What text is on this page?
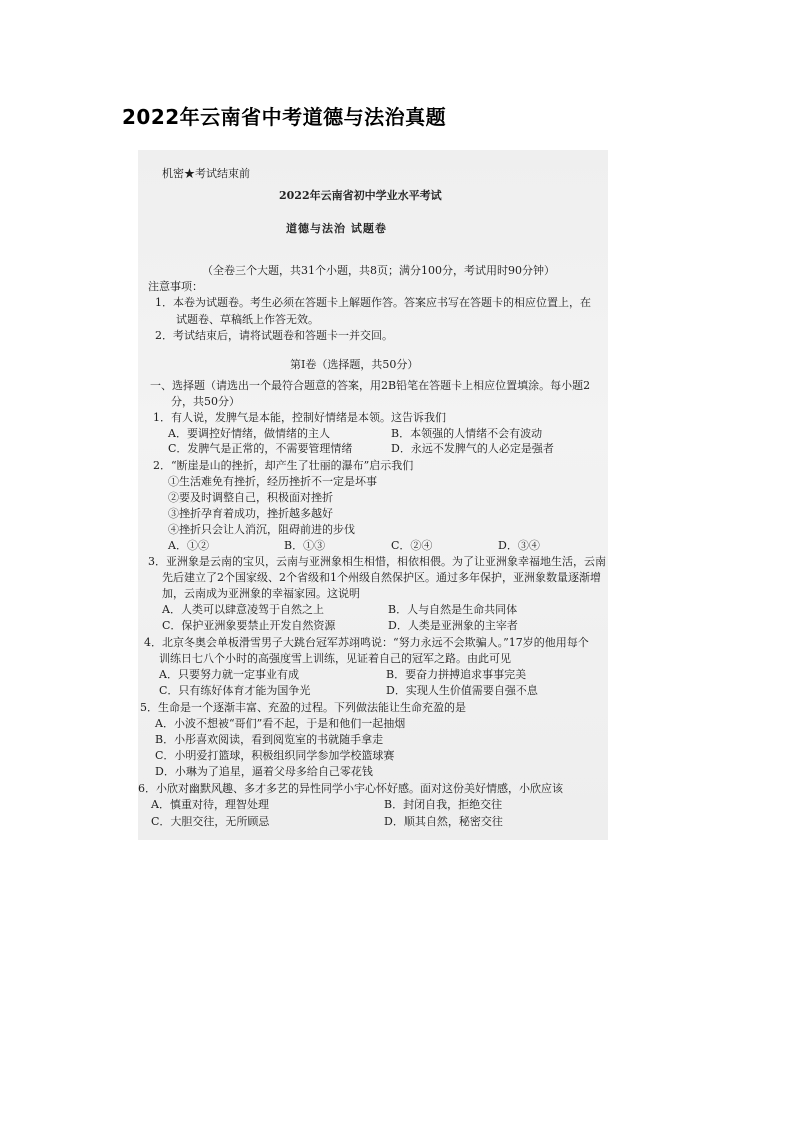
2022年云南省中考道德与法治真题
机密★考试结束前
2022年云南省初中学业水平考试
道德与法治 试题卷
（全卷三个大题，共31个小题，共8页；满分100分，考试用时90分钟）
注意事项：
1．本卷为试题卷。考生必须在答题卡上解题作答。答案应书写在答题卡的相应位置上，在
试题卷、草稿纸上作答无效。
2．考试结束后，请将试题卷和答题卡一并交回。
第Ⅰ卷（选择题，共50分）
一、选择题（请选出一个最符合题意的答案，用2B铅笔在答题卡上相应位置填涂。每小题2
分，共50分）
1．有人说，发脾气是本能，控制好情绪是本领。这告诉我们
A．要调控好情绪，做情绪的主人	B．本领强的人情绪不会有波动
C．发脾气是正常的，不需要管理情绪	D．永远不发脾气的人必定是强者
2．“断崖是山的挫折，却产生了壮丽的瀑布”启示我们
①生活难免有挫折，经历挫折不一定是坏事
②要及时调整自己，积极面对挫折
③挫折孕育着成功，挫折越多越好
④挫折只会让人消沉，阻碍前进的步伐
A．①②	B．①③	C．②④	D．③④
3．亚洲象是云南的宝贝，云南与亚洲象相生相惜，相依相偎。为了让亚洲象幸福地生活，云南
先后建立了2个国家级、2个省级和1个州级自然保护区。通过多年保护，亚洲象数量逐渐增
加，云南成为亚洲象的幸福家园。这说明
A．人类可以肆意凌驾于自然之上	B．人与自然是生命共同体
C．保护亚洲象要禁止开发自然资源	D．人类是亚洲象的主宰者
4．北京冬奥会单板滑雪男子大跳台冠军苏翊鸣说：“努力永远不会欺骗人。”17岁的他用每个
训练日七八个小时的高强度雪上训练，见证着自己的冠军之路。由此可见
A．只要努力就一定事业有成	B．要奋力拼搏追求事事完美
C．只有练好体育才能为国争光	D．实现人生价值需要自强不息
5．生命是一个逐渐丰富、充盈的过程。下列做法能让生命充盈的是
A．小波不想被“哥们”看不起，于是和他们一起抽烟
B．小彤喜欢阅读，看到阅览室的书就随手拿走
C．小明爱打篮球，积极组织同学参加学校篮球赛
D．小琳为了追星，逼着父母多给自己零花钱
6．小欣对幽默风趣、多才多艺的异性同学小宇心怀好感。面对这份美好情感，小欣应该
A．慎重对待，理智处理	B．封闭自我，拒绝交往
C．大胆交往，无所顾忌	D．顺其自然，秘密交往
